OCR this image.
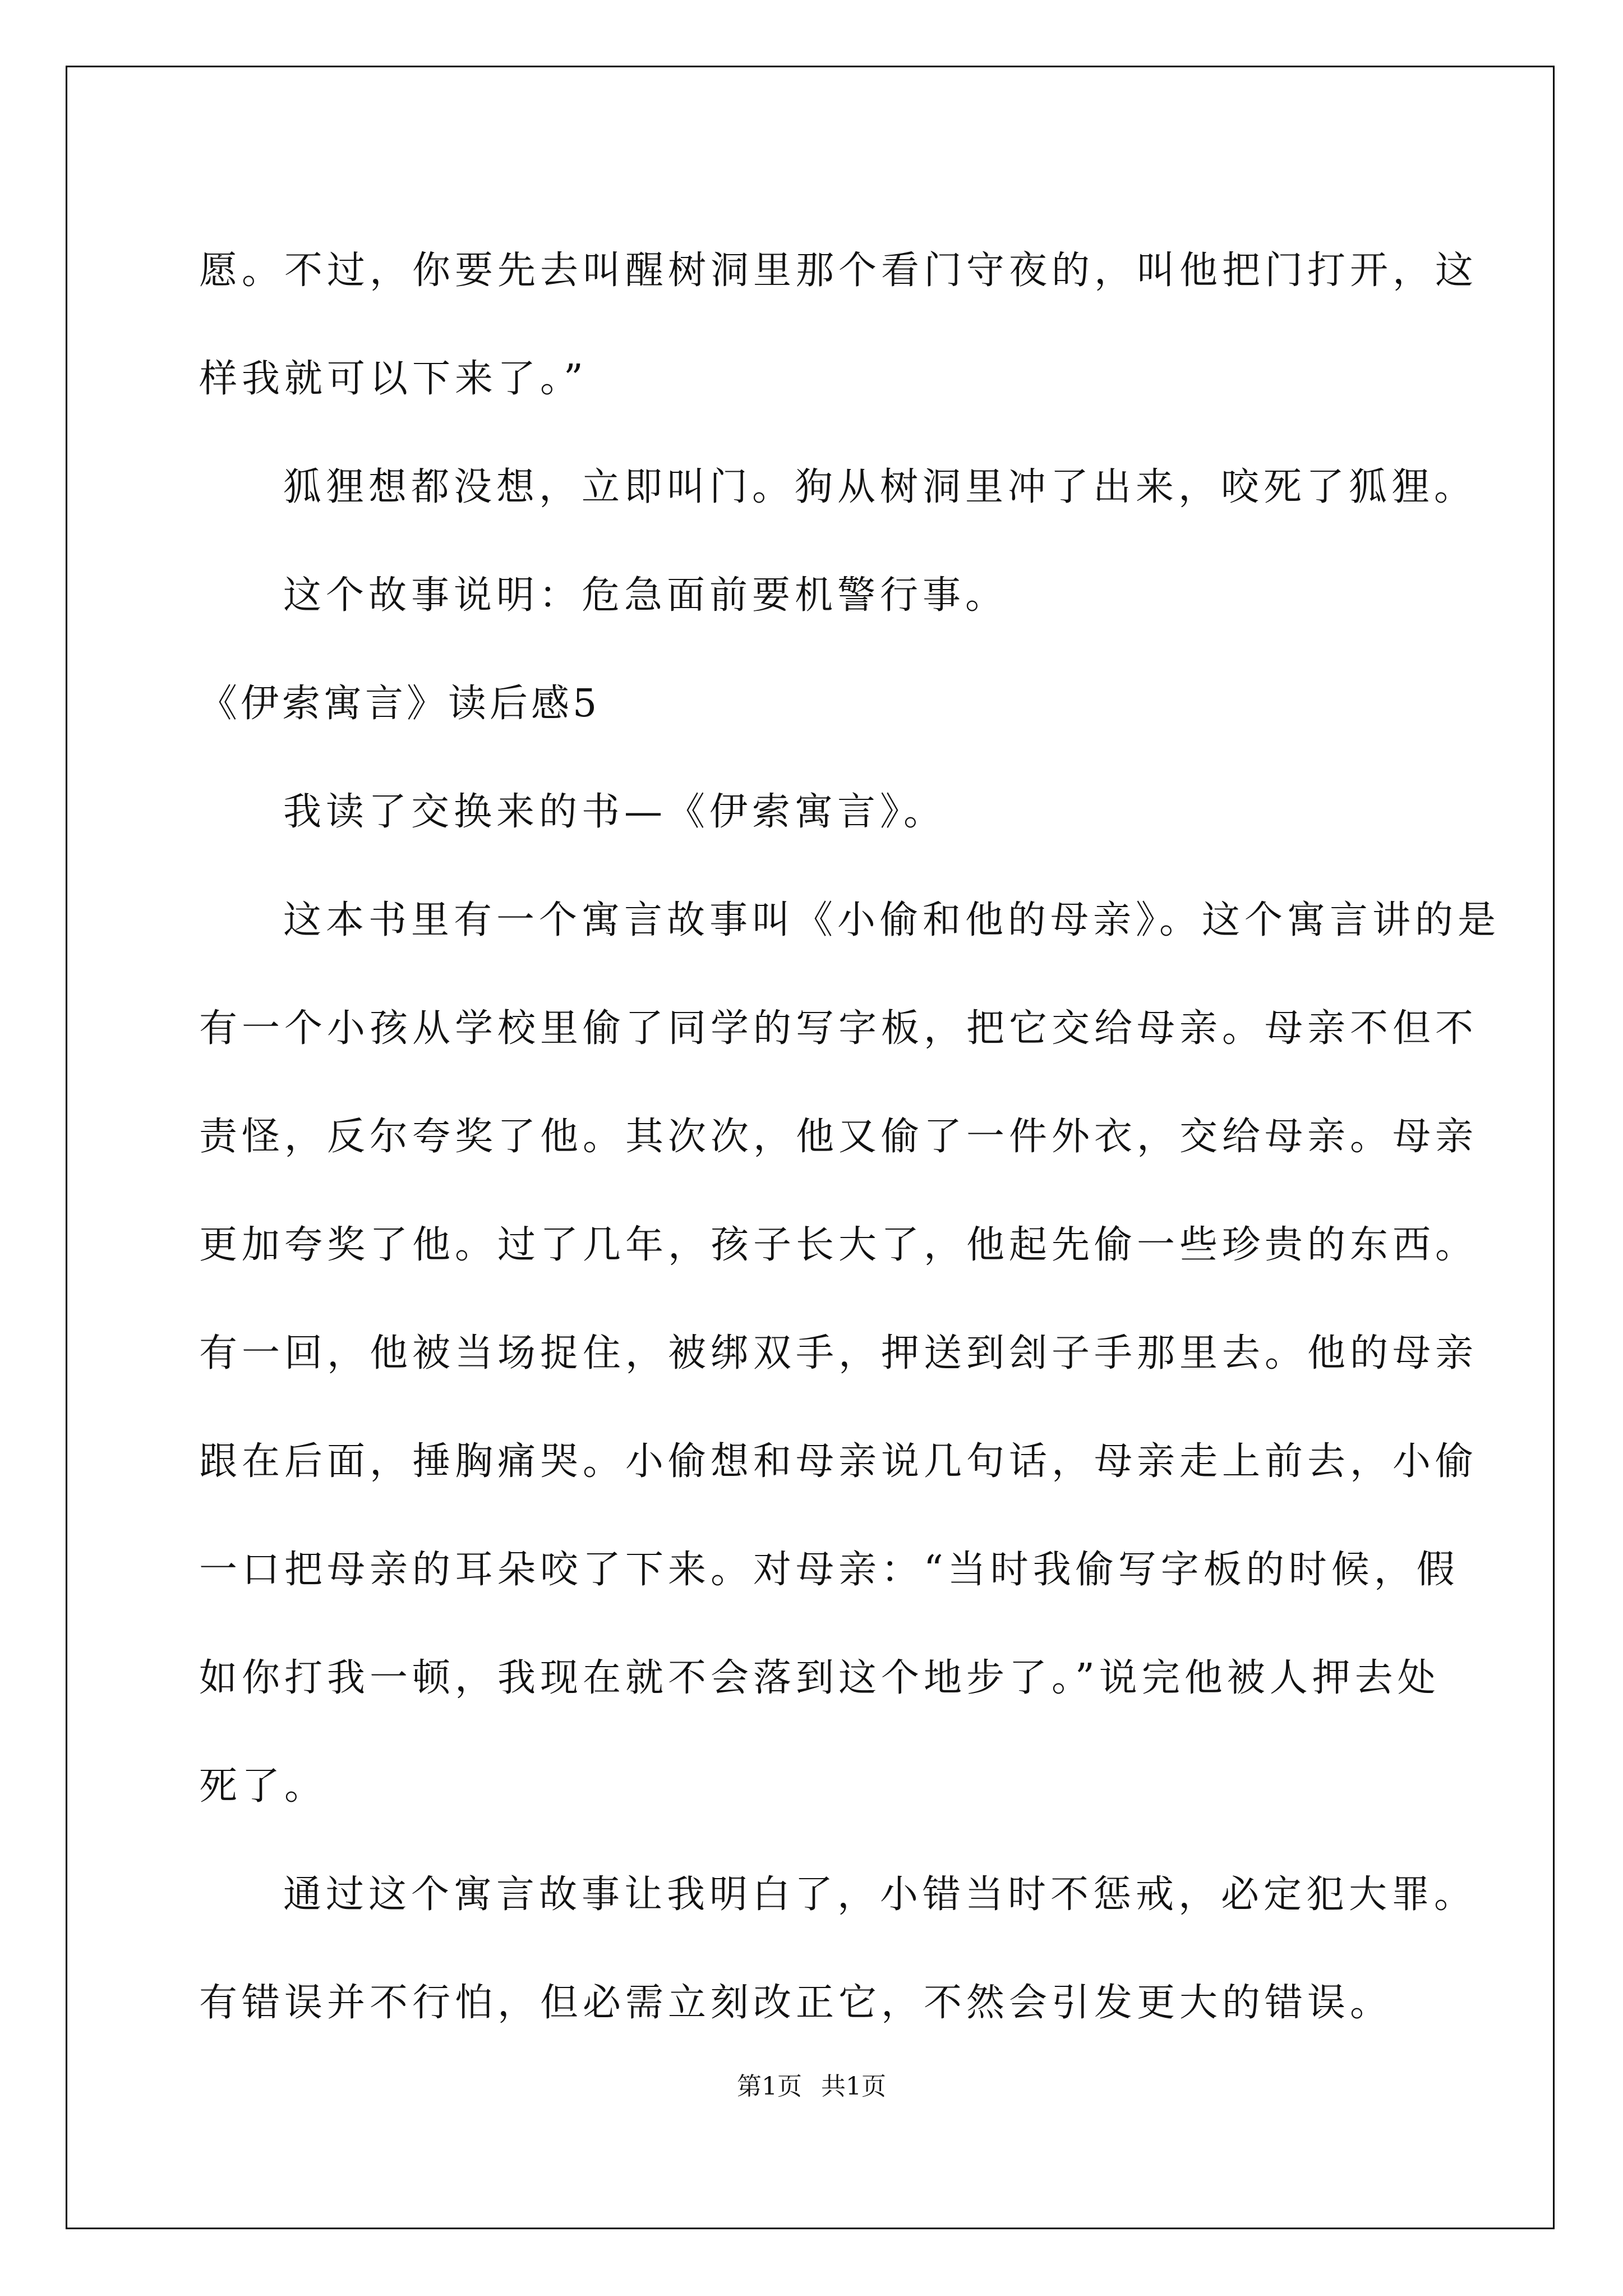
愿。不过，你要先去叫醒树洞里那个看门守夜的，叫他把门打开，这
样我就可以下来了。”
狐狸想都没想，立即叫门。狗从树洞里冲了出来，咬死了狐狸。
这个故事说明：危急面前要机警行事。
《伊索寓言》读后感5
我读了交换来的书—《伊索寓言》。
这本书里有一个寓言故事叫《小偷和他的母亲》。这个寓言讲的是
有一个小孩从学校里偷了同学的写字板，把它交给母亲。母亲不但不
责怪，反尔夸奖了他。其次次，他又偷了一件外衣，交给母亲。母亲
更加夸奖了他。过了几年，孩子长大了，他起先偷一些珍贵的东西。
有一回，他被当场捉住，被绑双手，押送到刽子手那里去。他的母亲
跟在后面，捶胸痛哭。小偷想和母亲说几句话，母亲走上前去，小偷
一口把母亲的耳朵咬了下来。对母亲：“当时我偷写字板的时候，假
如你打我一顿，我现在就不会落到这个地步了。”说完他被人押去处
死了。
通过这个寓言故事让我明白了，小错当时不惩戒，必定犯大罪。
有错误并不行怕，但必需立刻改正它，不然会引发更大的错误。
第1页 共1页
